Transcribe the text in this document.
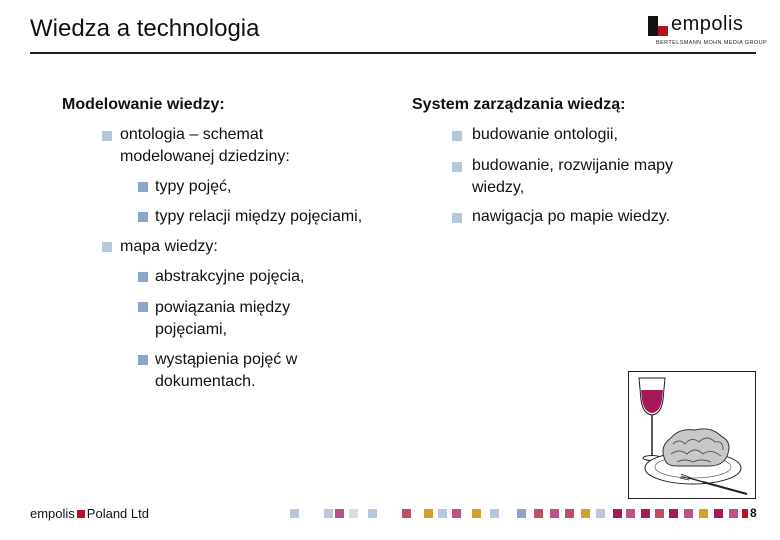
Wiedza a technologia	empolis
BERTELSMANN MOHN MEDIA GROUP
Modelowanie wiedzy:
ontologia – schemat modelowanej dziedziny:
typy pojęć,
typy relacji między pojęciami,
mapa wiedzy:
abstrakcyjne pojęcia,
powiązania między pojęciami,
wystąpienia pojęć w dokumentach.
System zarządzania wiedzą:
budowanie ontologii,
budowanie, rozwijanie mapy wiedzy,
nawigacja po mapie wiedzy.
empolis Poland Ltd	8
